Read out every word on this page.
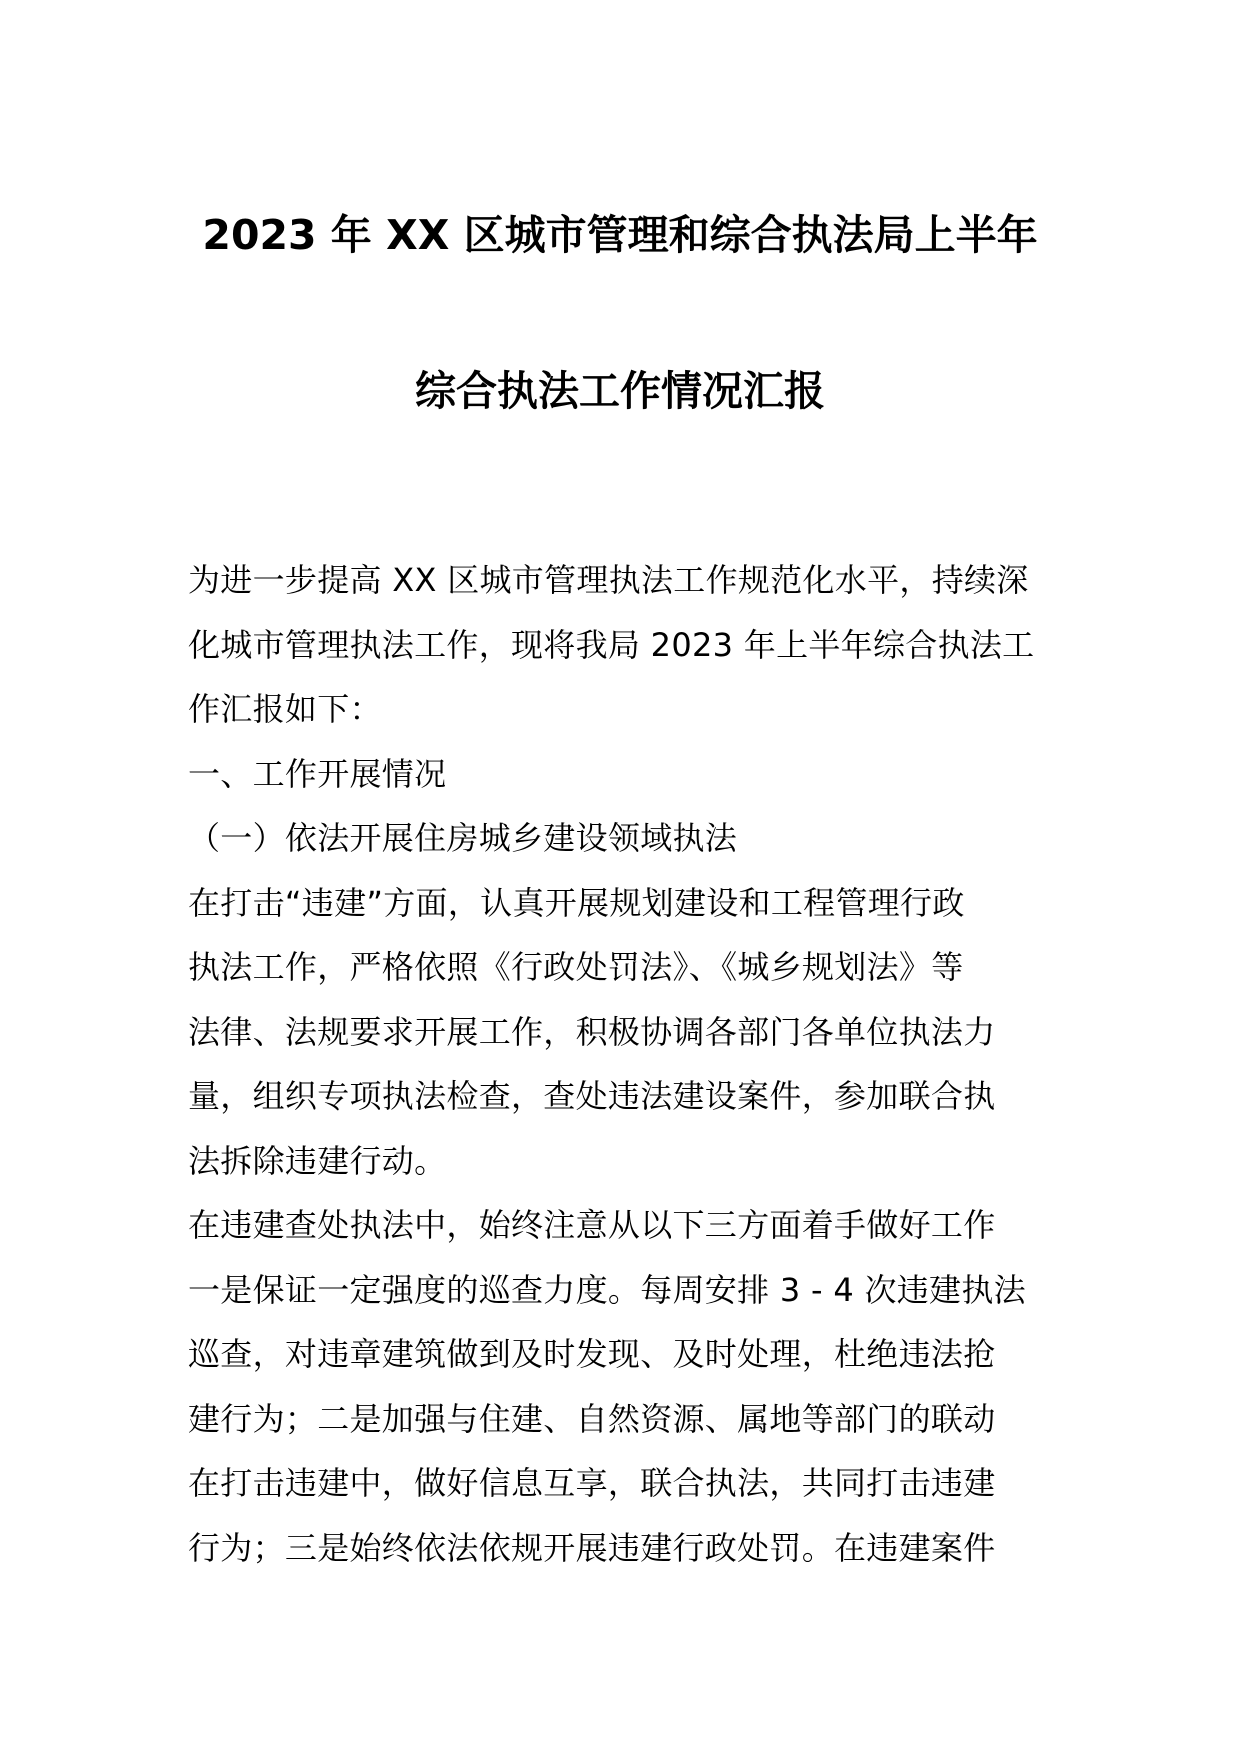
2023 年 XX 区城市管理和综合执法局上半年
综合执法工作情况汇报
为进一步提高 XX 区城市管理执法工作规范化水平，持续深
化城市管理执法工作，现将我局 2023 年上半年综合执法工
作汇报如下：
一、工作开展情况
（一）依法开展住房城乡建设领域执法
在打击“违建”方面，认真开展规划建设和工程管理行政
执法工作，严格依照《行政处罚法》、《城乡规划法》等
法律、法规要求开展工作，积极协调各部门各单位执法力
量，组织专项执法检查，查处违法建设案件，参加联合执
法拆除违建行动。
在违建查处执法中，始终注意从以下三方面着手做好工作
一是保证一定强度的巡查力度。每周安排 3 - 4 次违建执法
巡查，对违章建筑做到及时发现、及时处理，杜绝违法抢
建行为；二是加强与住建、自然资源、属地等部门的联动
在打击违建中，做好信息互享，联合执法，共同打击违建
行为；三是始终依法依规开展违建行政处罚。在违建案件
